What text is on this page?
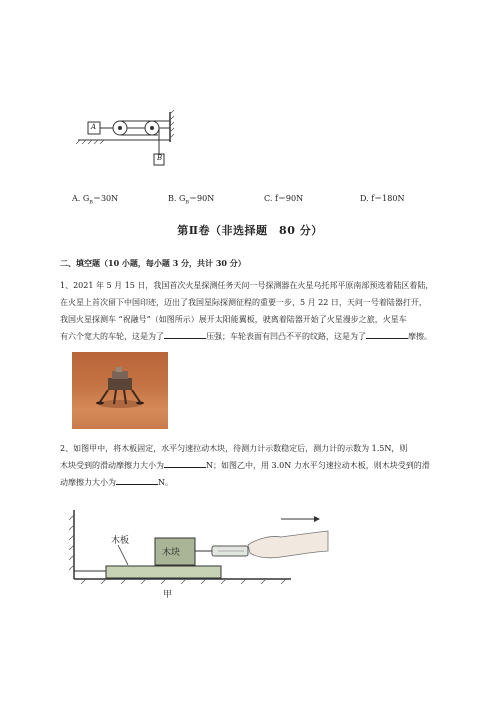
A
B
A. $G_B=30N$	B. $G_B=90N$	C. f＝90N	D. f＝180N
第Ⅱ卷（非选择题　80 分）
二、填空题（10 小题，每小题 3 分，共计 30 分）
1、2021 年 5 月 15 日，我国首次火星探测任务天问一号探测器在火星乌托邦平原南部预选着陆区着陆，
在火星上首次留下中国印迹，迈出了我国星际探测征程的重要一步，5 月 22 日，天问一号着陆器打开，
我国火星探测车 “祝融号”（如图所示）展开太阳能翼板，驶离着陆器开始了火星漫步之旅，火星车
有六个宽大的车轮，这是为了	压强；车轮表面有凹凸不平的纹路，这是为了	摩擦。
2、如图甲中，将木板固定，水平匀速拉动木块，待测力计示数稳定后，测力计的示数为 1.5N，则
木块受到的滑动摩擦力大小为	N；如图乙中，用 3.0N 力水平匀速拉动木板，则木块受到的滑
动摩擦力大小为	N。
木板
木块
甲
